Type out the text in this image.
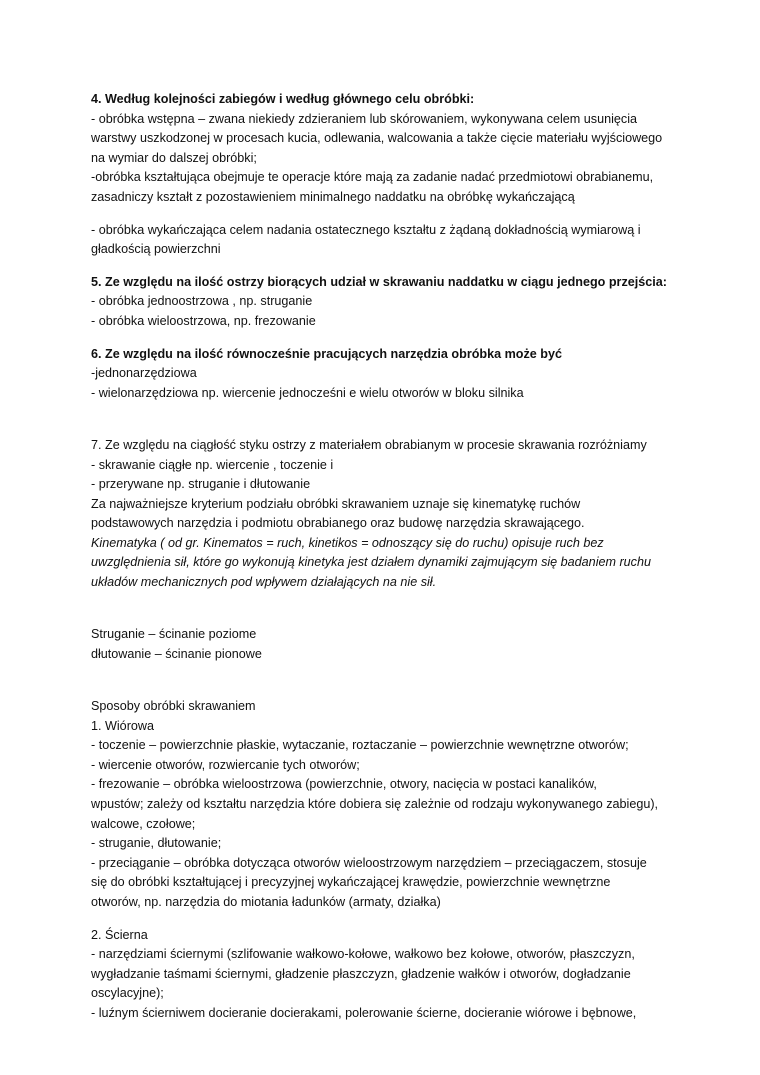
4. Według kolejności zabiegów i według głównego celu obróbki:
- obróbka wstępna – zwana niekiedy zdzieraniem lub skórowaniem, wykonywana celem usunięcia
warstwy uszkodzonej w procesach kucia, odlewania, walcowania a także cięcie materiału wyjściowego
na wymiar do dalszej obróbki;
-obróbka kształtująca obejmuje te operacje które mają za zadanie nadać przedmiotowi obrabianemu,
zasadniczy kształt z pozostawieniem minimalnego naddatku na obróbkę wykańczającą
- obróbka wykańczająca celem nadania ostatecznego kształtu z żądaną dokładnością wymiarową i
gładkością powierzchni
5. Ze względu na ilość ostrzy biorących udział w skrawaniu naddatku w ciągu jednego przejścia:
- obróbka jednoostrzowa , np. struganie
- obróbka wieloostrzowa, np. frezowanie
6. Ze względu na ilość równocześnie pracujących narzędzia obróbka może być
-jednonarzędziowa
- wielonarzędziowa np. wiercenie jednocześni e wielu otworów w bloku silnika
7. Ze względu na ciągłość styku ostrzy z materiałem obrabianym w procesie skrawania rozróżniamy
- skrawanie ciągłe np. wiercenie , toczenie i
- przerywane np. struganie i dłutowanie
Za najważniejsze kryterium podziału obróbki skrawaniem uznaje się kinematykę ruchów
podstawowych narzędzia i podmiotu obrabianego oraz budowę narzędzia skrawającego.
Kinematyka ( od gr. Kinematos = ruch, kinetikos = odnoszący się do ruchu) opisuje ruch bez
uwzględnienia sił, które go wykonują kinetyka jest działem dynamiki zajmującym się badaniem ruchu
układów mechanicznych pod wpływem działających na nie sił.
Struganie – ścinanie poziome
dłutowanie – ścinanie pionowe
Sposoby obróbki skrawaniem
1. Wiórowa
- toczenie – powierzchnie płaskie, wytaczanie, roztaczanie – powierzchnie wewnętrzne otworów;
- wiercenie otworów, rozwiercanie tych otworów;
- frezowanie – obróbka wieloostrzowa (powierzchnie, otwory, nacięcia w postaci kanalików,
wpustów; zależy od kształtu narzędzia które dobiera się zależnie od rodzaju wykonywanego zabiegu),
walcowe, czołowe;
- struganie, dłutowanie;
- przeciąganie – obróbka dotycząca otworów wieloostrzowym narzędziem – przeciągaczem, stosuje
się do obróbki kształtującej i precyzyjnej wykańczającej krawędzie, powierzchnie wewnętrzne
otworów, np. narzędzia do miotania ładunków (armaty, działka)
2. Ścierna
- narzędziami ściernymi (szlifowanie wałkowo-kołowe, wałkowo bez kołowe, otworów, płaszczyzn,
wygładzanie taśmami ściernymi, gładzenie płaszczyzn, gładzenie wałków i otworów, dogładzanie
oscylacyjne);
- luźnym ścierniwem docieranie docierakami, polerowanie ścierne, docieranie wiórowe i bębnowe,
